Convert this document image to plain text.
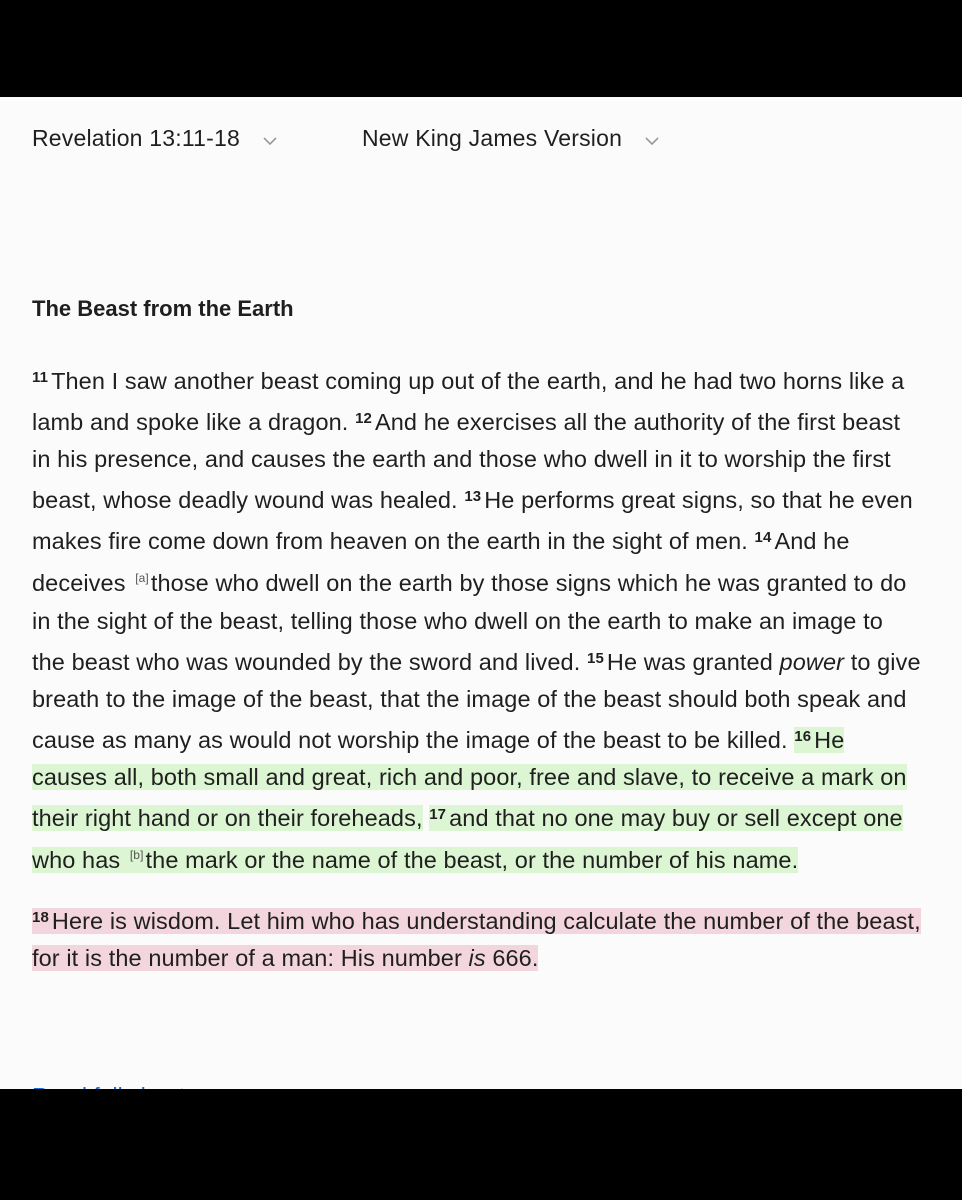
Revelation 13:11-18	New King James Version
The Beast from the Earth

$^{11}$ Then I saw another beast coming up out of the earth, and he had two horns like a lamb and spoke like a dragon. $^{12}$ And he exercises all the authority of the first beast in his presence, and causes the earth and those who dwell in it to worship the first beast, whose deadly wound was healed. $^{13}$ He performs great signs, so that he even makes fire come down from heaven on the earth in the sight of men. $^{14}$ And he deceives [a]those who dwell on the earth by those signs which he was granted to do in the sight of the beast, telling those who dwell on the earth to make an image to the beast who was wounded by the sword and lived. $^{15}$ He was granted power to give breath to the image of the beast, that the image of the beast should both speak and cause as many as would not worship the image of the beast to be killed. $^{16}$ He causes all, both small and great, rich and poor, free and slave, to receive a mark on their right hand or on their foreheads, $^{17}$ and that no one may buy or sell except one who has [b]the mark or the name of the beast, or the number of his name.

$^{18}$ Here is wisdom. Let him who has understanding calculate the number of the beast, for it is the number of a man: His number is 666.
